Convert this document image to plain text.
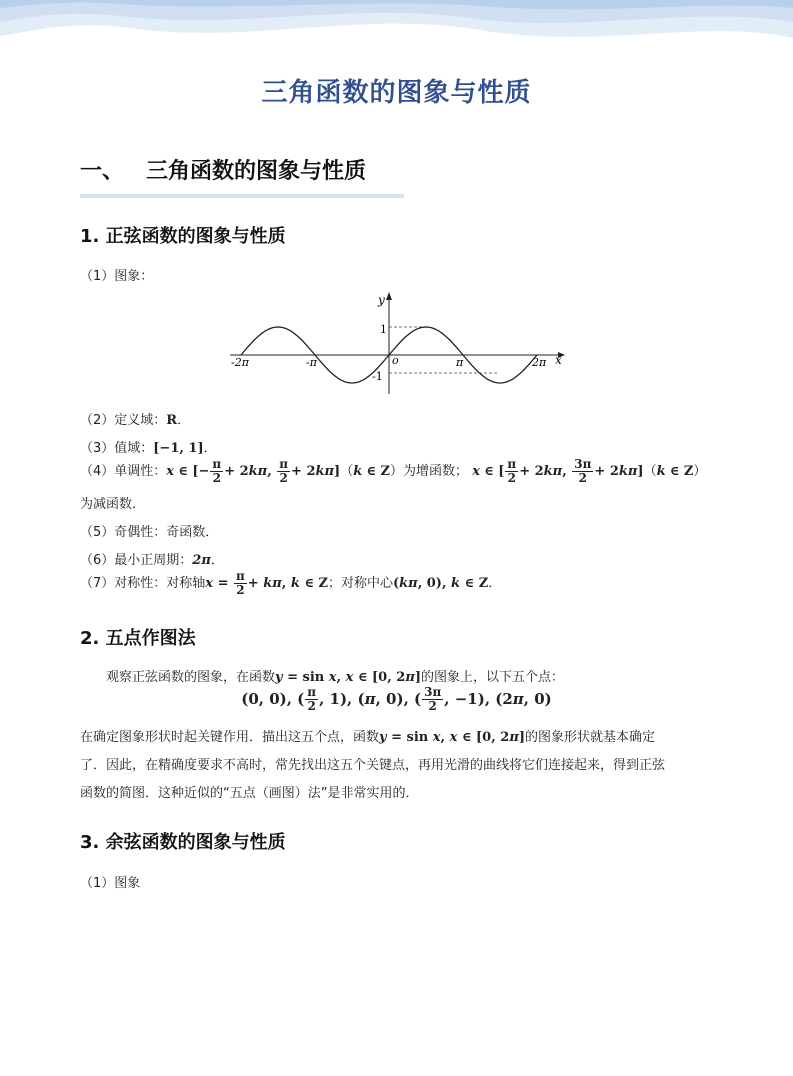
三角函数的图象与性质
一、 三角函数的图象与性质
1. 正弦函数的图象与性质
（1）图象：
y
x
1
-1
o
-2π	-π	π	2π
（2）定义域：R．
（3）值域：[−1, 1]．
（4）单调性：x ∈ [− $\frac{\pi}{2} + 2k\pi$, $\frac{\pi}{2} + 2k\pi](k$ ∈ Z）为增函数； x ∈ [ $\frac{\pi}{2} + 2k\pi$, $\frac{3\pi}{2} + 2k\pi](k$ ∈ Z）
为减函数．
（5）奇偶性：奇函数．
（6）最小正周期：2π．
（7）对称性：对称轴$x = \frac{\pi}{2} + k\pi$, k ∈ Z；对称中心(kπ, 0), k ∈ Z．
2. 五点作图法
观察正弦函数的图象，在函数y = sin x, x ∈ [0, 2π]的图象上，以下五个点：
(0, 0), ( $\frac{\pi}{2}$ , 1), (π, 0), ( $\frac{3\pi}{2}$ , −1), (2π, 0)
在确定图象形状时起关键作用．描出这五个点，函数y = sin x, x ∈ [0, 2π]的图象形状就基本确定
了．因此，在精确度要求不高时，常先找出这五个关键点，再用光滑的曲线将它们连接起来，得到正弦
函数的简图．这种近似的“五点（画图）法”是非常实用的．
3. 余弦函数的图象与性质
（1）图象
